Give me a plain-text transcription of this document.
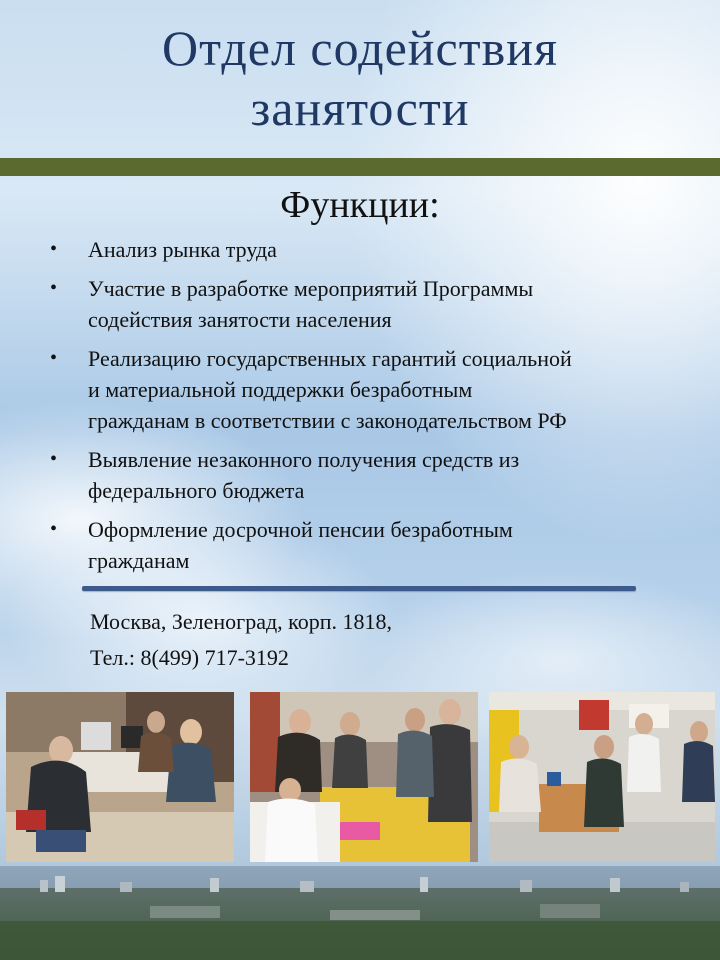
Отдел содействия
занятости
Функции:
• Анализ рынка труда
• Участие в разработке мероприятий Программы
содействия занятости населения
• Реализацию государственных гарантий социальной
и материальной поддержки безработным
гражданам в соответствии с законодательством РФ
• Выявление незаконного получения средств из
федерального бюджета
• Оформление досрочной пенсии безработным
гражданам
Москва, Зеленоград, корп. 1818,
Тел.: 8(499) 717-3192
